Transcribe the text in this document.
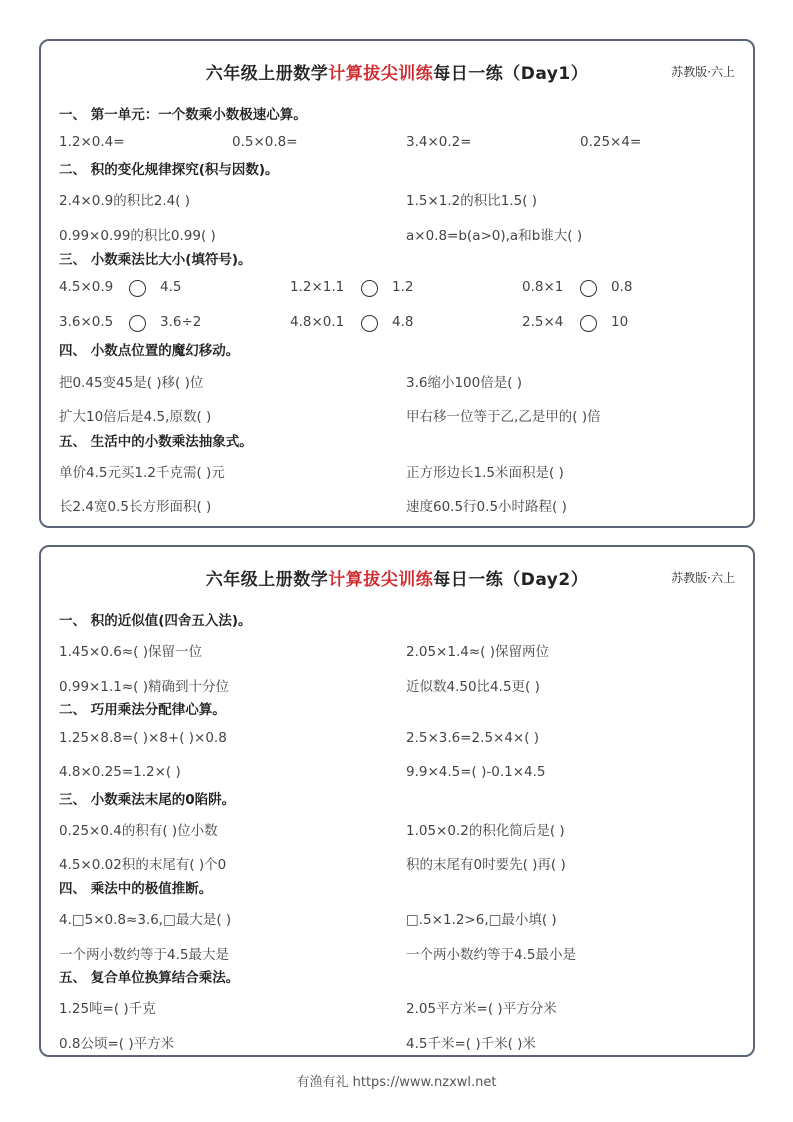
六年级上册数学计算拔尖训练每日一练（Day1）	苏教版·六上
一、 第一单元：一个数乘小数极速心算。
1.2×0.4=	0.5×0.8=	3.4×0.2=	0.25×4=
二、 积的变化规律探究(积与因数)。
2.4×0.9的积比2.4( )	1.5×1.2的积比1.5( )
0.99×0.99的积比0.99( )	a×0.8=b(a>0),a和b谁大( )
三、 小数乘法比大小(填符号)。
4.5×0.9	4.5	1.2×1.1	1.2	0.8×1	0.8
3.6×0.5	3.6÷2	4.8×0.1	4.8	2.5×4	10
四、 小数点位置的魔幻移动。
把0.45变45是( )移( )位	3.6缩小100倍是( )
扩大10倍后是4.5,原数( )	甲右移一位等于乙,乙是甲的( )倍
五、 生活中的小数乘法抽象式。
单价4.5元买1.2千克需( )元	正方形边长1.5米面积是( )
长2.4宽0.5长方形面积( )	速度60.5行0.5小时路程( )
六年级上册数学计算拔尖训练每日一练（Day2）	苏教版·六上
一、 积的近似值(四舍五入法)。
1.45×0.6≈( )保留一位	2.05×1.4≈( )保留两位
0.99×1.1≈( )精确到十分位	近似数4.50比4.5更( )
二、 巧用乘法分配律心算。
1.25×8.8=( )×8+( )×0.8	2.5×3.6=2.5×4×( )
4.8×0.25=1.2×( )	9.9×4.5=( )-0.1×4.5
三、 小数乘法末尾的0陷阱。
0.25×0.4的积有( )位小数	1.05×0.2的积化简后是( )
4.5×0.02积的末尾有( )个0	积的末尾有0时要先( )再( )
四、 乘法中的极值推断。
4.□5×0.8≈3.6,□最大是( )	□.5×1.2>6,□最小填( )
一个两小数约等于4.5最大是	一个两小数约等于4.5最小是
五、 复合单位换算结合乘法。
1.25吨=( )千克	2.05平方米=( )平方分米
0.8公顷=( )平方米	4.5千米=( )千米( )米
有渔有礼 https://www.nzxwl.net
